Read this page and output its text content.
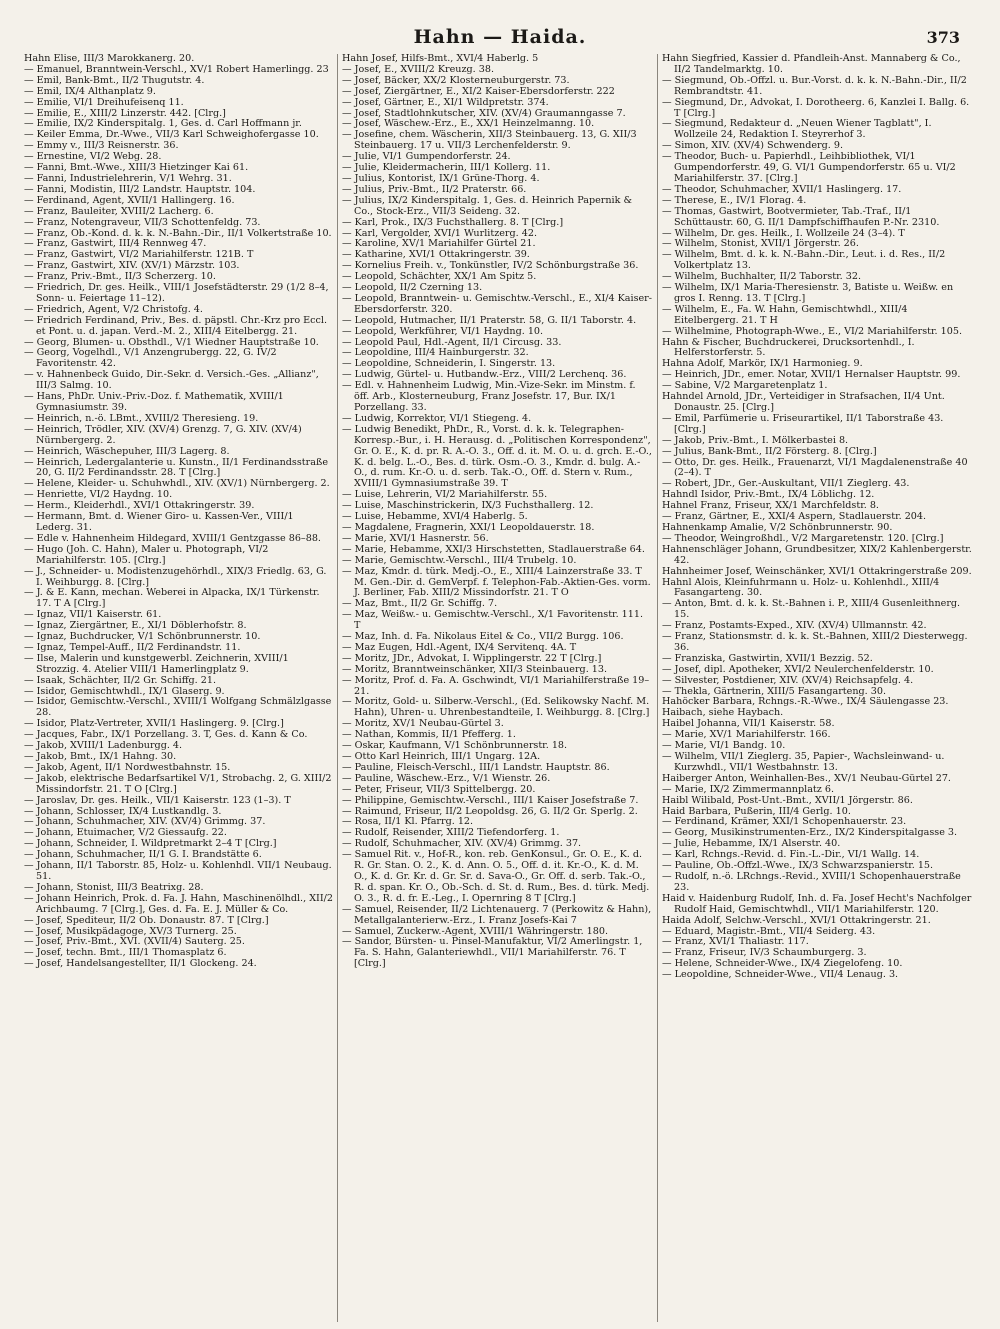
Hahn — Haida.	373

Hahn Elise, III/3 Marokkanerg. 20.

— Emanuel, Branntwein-Verschl., XV/1 Robert Hamerlingg. 23

— Emil, Bank-Bmt., II/2 Thugutstr. 4.

— Emil, IX/4 Althanplatz 9.

— Emilie, VI/1 Dreihufeisenq 11.

— Emilie, E., XIII/2 Linzerstr. 442. [Clrg.]

— Emilie, IX/2 Kinderspitalg. 1, Ges. d. Carl Hoffmann jr.

— Keiler Emma, Dr.-Wwe., VII/3 Karl Schweighofergasse 10.

— Emmy v., III/3 Reisnerstr. 36.

— Ernestine, VI/2 Webg. 28.

— Fanni, Bmt.-Wwe., XIII/3 Hietzinger Kai 61.

— Fanni, Industrielehrerin, V/1 Wehrg. 31.

— Fanni, Modistin, III/2 Landstr. Hauptstr. 104.

— Ferdinand, Agent, XVII/1 Hallingerg. 16.

— Franz, Bauleiter, XVIII/2 Lacherg. 6.

— Franz, Notengraveur, VII/3 Schottenfeldg. 73.

— Franz, Ob.-Kond. d. k. k. N.-Bahn.-Dir., II/1 Volkertstraße 10.

— Franz, Gastwirt, III/4 Rennweg 47.

— Franz, Gastwirt, VI/2 Mariahilferstr. 121B. T

— Franz, Gastwirt, XIV. (XV/1) Märzstr. 103.

— Franz, Priv.-Bmt., II/3 Scherzerg. 10.

— Friedrich, Dr. ges. Heilk., VIII/1 Josefstädterstr. 29 (1/2 8–4, Sonn- u. Feiertage 11–12).

— Friedrich, Agent, V/2 Christofg. 4.

— Friedrich Ferdinand, Priv., Bes. d. päpstl. Chr.-Krz pro Eccl. et Pont. u. d. japan. Verd.-M. 2., XIII/4 Eitelbergg. 21.

— Georg, Blumen- u. Obsthdl., V/1 Wiedner Hauptstraße 10.

— Georg, Vogelhdl., V/1 Anzengrubergg. 22, G. IV/2 Favoritenstr. 42.

— v. Hahnenbeck Guido, Dir.-Sekr. d. Versich.-Ges. „Allianz", III/3 Salmg. 10.

— Hans, PhDr. Univ.-Priv.-Doz. f. Mathematik, XVIII/1 Gymnasiumstr. 39.

— Heinrich, n.-ö. LBmt., XVIII/2 Theresieng. 19.

— Heinrich, Trödler, XIV. (XV/4) Grenzg. 7, G. XIV. (XV/4) Nürnbergerg. 2.

— Heinrich, Wäschepuher, III/3 Lagerg. 8.

— Heinrich, Ledergalanterie u. Kunstn., II/1 Ferdinandsstraße 20, G. II/2 Ferdinandsstr. 28. T [Clrg.]

— Helene, Kleider- u. Schuhwhdl., XIV. (XV/1) Nürnbergerg. 2.

— Henriette, VI/2 Haydng. 10.

— Herm., Kleiderhdl., XVI/1 Ottakringerstr. 39.

— Hermann, Bmt. d. Wiener Giro- u. Kassen-Ver., VIII/1 Lederg. 31.

— Edle v. Hahnenheim Hildegard, XVIII/1 Gentzgasse 86–88.

— Hugo (Joh. C. Hahn), Maler u. Photograph, VI/2 Mariahilferstr. 105. [Clrg.]

— J., Schneider- u. Modistenzugehörhdl., XIX/3 Friedlg. 63, G. I. Weihburgg. 8. [Clrg.]

— J. & E. Kann, mechan. Weberei in Alpacka, IX/1 Türkenstr. 17. T A [Clrg.]

— Ignaz, VII/1 Kaiserstr. 61.

— Ignaz, Ziergärtner, E., XI/1 Döblerhofstr. 8.

— Ignaz, Buchdrucker, V/1 Schönbrunnerstr. 10.

— Ignaz, Tempel-Auff., II/2 Ferdinandstr. 11.

— Ilse, Malerin und kunstgewerbl. Zeichnerin, XVIII/1 Strozzig. 4. Atelier VIII/1 Hamerlingplatz 9.

— Isaak, Schächter, II/2 Gr. Schiffg. 21.

— Isidor, Gemischtwhdl., IX/1 Glaserg. 9.

— Isidor, Gemischtw.-Verschl., XVIII/1 Wolfgang Schmälzlgasse 28.

— Isidor, Platz-Vertreter, XVII/1 Haslingerg. 9. [Clrg.]

— Jacques, Fabr., IX/1 Porzellang. 3. T, Ges. d. Kann & Co.

— Jakob, XVIII/1 Ladenburgg. 4.

— Jakob, Bmt., IX/1 Hahng. 30.

— Jakob, Agent, II/1 Nordwestbahnstr. 15.

— Jakob, elektrische Bedarfsartikel V/1, Strobachg. 2, G. XIII/2 Missindorfstr. 21. T O [Clrg.]

— Jaroslav, Dr. ges. Heilk., VII/1 Kaiserstr. 123 (1–3). T

— Johann, Schlosser, IX/4 Lustkandlg. 3.

— Johann, Schuhmacher, XIV. (XV/4) Grimmg. 37.

— Johann, Etuimacher, V/2 Giessaufg. 22.

— Johann, Schneider, I. Wildpretmarkt 2–4 T [Clrg.]

— Johann, Schuhmacher, II/1 G. I. Brandstätte 6.

— Johann, II/1 Taborstr. 85, Holz- u. Kohlenhdl. VII/1 Neubaug. 51.

— Johann, Stonist, III/3 Beatrixg. 28.

— Johann Heinrich, Prok. d. Fa. J. Hahn, Maschinenölhdl., XII/2 Arichbaumg. 7 [Clrg.], Ges. d. Fa. E. J. Müller & Co.

— Josef, Spediteur, II/2 Ob. Donaustr. 87. T [Clrg.]

— Josef, Musikpädagoge, XV/3 Turnerg. 25.

— Josef, Priv.-Bmt., XVI. (XVII/4) Sauterg. 25.

— Josef, techn. Bmt., III/1 Thomasplatz 6.

— Josef, Handelsangestellter, II/1 Glockeng. 24.

Hahn Josef, Hilfs-Bmt., XVI/4 Haberlg. 5

— Josef, E., XVIII/2 Kreuzg. 38.

— Josef, Bäcker, XX/2 Klosterneuburgerstr. 73.

— Josef, Ziergärtner, E., XI/2 Kaiser-Ebersdorferstr. 222

— Josef, Gärtner, E., XI/1 Wildpretstr. 374.

— Josef, Stadtlohnkutscher, XIV. (XV/4) Graumanngasse 7.

— Josef, Wäschew.-Erz., E., XX/1 Heinzelmanng. 10.

— Josefine, chem. Wäscherin, XII/3 Steinbauerg. 13, G. XII/3 Steinbauerg. 17 u. VII/3 Lerchenfelderstr. 9.

— Julie, VI/1 Gumpendorferstr. 24.

— Julie, Kleidermacherin, III/1 Kollerg. 11.

— Julius, Kontorist, IX/1 Grüne-Thorg. 4.

— Julius, Priv.-Bmt., II/2 Praterstr. 66.

— Julius, IX/2 Kinderspitalg. 1, Ges. d. Heinrich Papernik & Co., Stock-Erz., VII/3 Seideng. 32.

— Karl, Prok., IX/3 Fuchsthallerg. 8. T [Clrg.]

— Karl, Vergolder, XVI/1 Wurlitzerg. 42.

— Karoline, XV/1 Mariahilfer Gürtel 21.

— Katharine, XVI/1 Ottakringerstr. 39.

— Kornelius Freih. v., Tonkünstler, IV/2 Schönburgstraße 36.

— Leopold, Schächter, XX/1 Am Spitz 5.

— Leopold, II/2 Czerning 13.

— Leopold, Branntwein- u. Gemischtw.-Verschl., E., XI/4 Kaiser-Ebersdorferstr. 320.

— Leopold, Hutmacher, II/1 Praterstr. 58, G. II/1 Taborstr. 4.

— Leopold, Werkführer, VI/1 Haydng. 10.

— Leopold Paul, Hdl.-Agent, II/1 Circusg. 33.

— Leopoldine, III/4 Hainburgerstr. 32.

— Leopoldine, Schneiderin, I. Singerstr. 13.

— Ludwig, Gürtel- u. Hutbandw.-Erz., VIII/2 Lerchenq. 36.

— Edl. v. Hahnenheim Ludwig, Min.-Vize-Sekr. im Minstm. f. öff. Arb., Klosterneuburg, Franz Josefstr. 17, Bur. IX/1 Porzellang. 33.

— Ludwig, Korrektor, VI/1 Stiegeng. 4.

— Ludwig Benedikt, PhDr., R., Vorst. d. k. k. Telegraphen-Korresp.-Bur., i. H. Herausg. d. „Politischen Korrespondenz", Gr. O. E., K. d. pr. R. A.-O. 3., Off. d. it. M. O. u. d. grch. E.-O., K. d. belg. L.-O., Bes. d. türk. Osm.-O. 3., Kmdr. d. bulg. A.-O., d. rum. Kr.-O. u. d. serb. Tak.-O., Off. d. Stern v. Rum., XVIII/1 Gymnasiumstraße 39. T

— Luise, Lehrerin, VI/2 Mariahilferstr. 55.

— Luise, Maschinstrickerin, IX/3 Fuchsthallerg. 12.

— Luise, Hebamme, XVI/4 Haberlg. 5.

— Magdalene, Fragnerin, XXI/1 Leopoldauerstr. 18.

— Marie, XVI/1 Hasnerstr. 56.

— Marie, Hebamme, XXI/3 Hirschstetten, Stadlauerstraße 64.

— Marie, Gemischtw.-Verschl., III/4 Trubelg. 10.

— Maz, Kmdr. d. türk. Medj.-O., E., XIII/4 Lainzerstraße 33. T M. Gen.-Dir. d. GemVerpf. f. Telephon-Fab.-Aktien-Ges. vorm. J. Berliner, Fab. XIII/2 Missindorfstr. 21. T O

— Maz, Bmt., II/2 Gr. Schiffg. 7.

— Maz, Weißw.- u. Gemischtw.-Verschl., X/1 Favoritenstr. 111. T

— Maz, Inh. d. Fa. Nikolaus Eitel & Co., VII/2 Burgg. 106.

— Maz Eugen, Hdl.-Agent, IX/4 Servitenq. 4A. T

— Moritz, JDr., Advokat, I. Wipplingerstr. 22 T [Clrg.]

— Moritz, Branntweinschänker, XII/3 Steinbauerg. 13.

— Moritz, Prof. d. Fa. A. Gschwindt, VI/1 Mariahilferstraße 19–21.

— Moritz, Gold- u. Silberw.-Verschl., (Ed. Selikowsky Nachf. M. Hahn), Uhren- u. Uhrenbestandteile, I. Weihburgg. 8. [Clrg.]

— Moritz, XV/1 Neubau-Gürtel 3.

— Nathan, Kommis, II/1 Pfefferg. 1.

— Oskar, Kaufmann, V/1 Schönbrunnerstr. 18.

— Otto Karl Heinrich, III/1 Ungarg. 12A.

— Pauline, Fleisch-Verschl., III/1 Landstr. Hauptstr. 86.

— Pauline, Wäschew.-Erz., V/1 Wienstr. 26.

— Peter, Friseur, VII/3 Spittelbergg. 20.

— Philippine, Gemischtw.-Verschl., III/1 Kaiser Josefstraße 7.

— Raimund, Friseur, II/2 Leopoldsg. 26, G. II/2 Gr. Sperlg. 2.

— Rosa, II/1 Kl. Pfarrg. 12.

— Rudolf, Reisender, XIII/2 Tiefendorferg. 1.

— Rudolf, Schuhmacher, XIV. (XV/4) Grimmg. 37.

— Samuel Rit. v., Hof-R., kon. reb. GenKonsul., Gr. O. E., K. d. R. Gr. Stan. O. 2., K. d. Ann. O. 5., Off. d. it. Kr.-O., K. d. M. O., K. d. Gr. Kr. d. Gr. Sr. d. Sava-O., Gr. Off. d. serb. Tak.-O., R. d. span. Kr. O., Ob.-Sch. d. St. d. Rum., Bes. d. türk. Medj. O. 3., R. d. fr. E.-Leg., I. Opernring 8 T [Clrg.]

— Samuel, Reisender, II/2 Lichtenauerg. 7 (Perkowitz & Hahn), Metallgalanterierw.-Erz., I. Franz Josefs-Kai 7

— Samuel, Zuckerw.-Agent, XVIII/1 Währingerstr. 180.

— Sandor, Bürsten- u. Pinsel-Manufaktur, VI/2 Amerlingstr. 1, Fa. S. Hahn, Galanteriewhdl., VII/1 Mariahilferstr. 76. T [Clrg.]

Hahn Siegfried, Kassier d. Pfandleih-Anst. Mannaberg & Co., II/2 Tandelmarktg. 10.

— Siegmund, Ob.-Offzl. u. Bur.-Vorst. d. k. k. N.-Bahn.-Dir., II/2 Rembrandtstr. 41.

— Siegmund, Dr., Advokat, I. Dorotheerg. 6, Kanzlei I. Ballg. 6. T [Clrg.]

— Siegmund, Redakteur d. „Neuen Wiener Tagblatt", I. Wollzeile 24, Redaktion I. Steyrerhof 3.

— Simon, XIV. (XV/4) Schwenderg. 9.

— Theodor, Buch- u. Papierhdl., Leihbibliothek, VI/1 Gumpendorferstr. 49, G. VI/1 Gumpendorferstr. 65 u. VI/2 Mariahilferstr. 37. [Clrg.]

— Theodor, Schuhmacher, XVII/1 Haslingerg. 17.

— Therese, E., IV/1 Florag. 4.

— Thomas, Gastwirt, Bootvermieter, Tab.-Traf., II/1 Schüttaustr. 60, G. II/1 Dampfschiffhaufen P.-Nr. 2310.

— Wilhelm, Dr. ges. Heilk., I. Wollzeile 24 (3–4). T

— Wilhelm, Stonist, XVII/1 Jörgerstr. 26.

— Wilhelm, Bmt. d. k. k. N.-Bahn.-Dir., Leut. i. d. Res., II/2 Volkertplatz 13.

— Wilhelm, Buchhalter, II/2 Taborstr. 32.

— Wilhelm, IX/1 Maria-Theresienstr. 3, Batiste u. Weißw. en gros I. Renng. 13. T [Clrg.]

— Wilhelm, E., Fa. W. Hahn, Gemischtwhdl., XIII/4 Eitelbergerg. 21. T H

— Wilhelmine, Photograph-Wwe., E., VI/2 Mariahilferstr. 105.

Hahn & Fischer, Buchdruckerei, Drucksortenhdl., I. Helferstorferstr. 5.

Hahna Adolf, Markör, IX/1 Harmonieg. 9.

— Heinrich, JDr., emer. Notar, XVII/1 Hernalser Hauptstr. 99.

— Sabine, V/2 Margaretenplatz 1.

Hahndel Arnold, JDr., Verteidiger in Strafsachen, II/4 Unt. Donaustr. 25. [Clrg.]

— Emil, Parfümerie u. Friseurartikel, II/1 Taborstraße 43. [Clrg.]

— Jakob, Priv.-Bmt., I. Mölkerbastei 8.

— Julius, Bank-Bmt., II/2 Försterg. 8. [Clrg.]

— Otto, Dr. ges. Heilk., Frauenarzt, VI/1 Magdalenenstraße 40 (2–4). T

— Robert, JDr., Ger.-Auskultant, VII/1 Zieglerg. 43.

Hahndl Isidor, Priv.-Bmt., IX/4 Löblichg. 12.

Hahnel Franz, Friseur, XX/1 Marchfeldstr. 8.

— Franz, Gärtner, E., XXI/4 Aspern, Stadlauerstr. 204.

Hahnenkamp Amalie, V/2 Schönbrunnerstr. 90.

— Theodor, Weingroßhdl., V/2 Margaretenstr. 120. [Clrg.]

Hahnenschläger Johann, Grundbesitzer, XIX/2 Kahlenbergerstr. 42.

Hahnheimer Josef, Weinschänker, XVI/1 Ottakringerstraße 209.

Hahnl Alois, Kleinfuhrmann u. Holz- u. Kohlenhdl., XIII/4 Fasangarteng. 30.

— Anton, Bmt. d. k. k. St.-Bahnen i. P., XIII/4 Gusenleithnerg. 15.

— Franz, Postamts-Exped., XIV. (XV/4) Ullmannstr. 42.

— Franz, Stationsmstr. d. k. k. St.-Bahnen, XIII/2 Diesterwegg. 36.

— Franziska, Gastwirtin, XVII/1 Bezzig. 52.

— Josef, dipl. Apotheker, XVI/2 Neulerchenfelderstr. 10.

— Silvester, Postdiener, XIV. (XV/4) Reichsapfelg. 4.

— Thekla, Gärtnerin, XIII/5 Fasangarteng. 30.

Hahöcker Barbara, Rchngs.-R.-Wwe., IX/4 Säulengasse 23.

Haibach, siehe Haybach.

Haibel Johanna, VII/1 Kaiserstr. 58.

— Marie, XV/1 Mariahilferstr. 166.

— Marie, VI/1 Bandg. 10.

— Wilhelm, VII/1 Zieglerg. 35, Papier-, Wachsleinwand- u. Kurzwhdl., VII/1 Westbahnstr. 13.

Haiberger Anton, Weinhallen-Bes., XV/1 Neubau-Gürtel 27.

— Marie, IX/2 Zimmermannplatz 6.

Haibl Wilibald, Post-Unt.-Bmt., XVII/1 Jörgerstr. 86.

Haid Barbara, Pußerin, III/4 Gerlg. 10.

— Ferdinand, Krämer, XXI/1 Schopenhauerstr. 23.

— Georg, Musikinstrumenten-Erz., IX/2 Kinderspitalgasse 3.

— Julie, Hebamme, IX/1 Alserstr. 40.

— Karl, Rchngs.-Revid. d. Fin.-L.-Dir., VI/1 Wallg. 14.

— Pauline, Ob.-Offzl.-Wwe., IX/3 Schwarzspanierstr. 15.

— Rudolf, n.-ö. LRchngs.-Revid., XVIII/1 Schopenhauerstraße 23.

Haid v. Haidenburg Rudolf, Inh. d. Fa. Josef Hecht's Nachfolger Rudolf Haid, Gemischtwhdl., VII/1 Mariahilferstr. 120.

Haida Adolf, Selchw.-Verschl., XVI/1 Ottakringerstr. 21.

— Eduard, Magistr.-Bmt., VII/4 Seiderg. 43.

— Franz, XVI/1 Thaliastr. 117.

— Franz, Friseur, IV/3 Schaumburgerg. 3.

— Helene, Schneider-Wwe., IX/4 Ziegelofeng. 10.

— Leopoldine, Schneider-Wwe., VII/4 Lenaug. 3.
